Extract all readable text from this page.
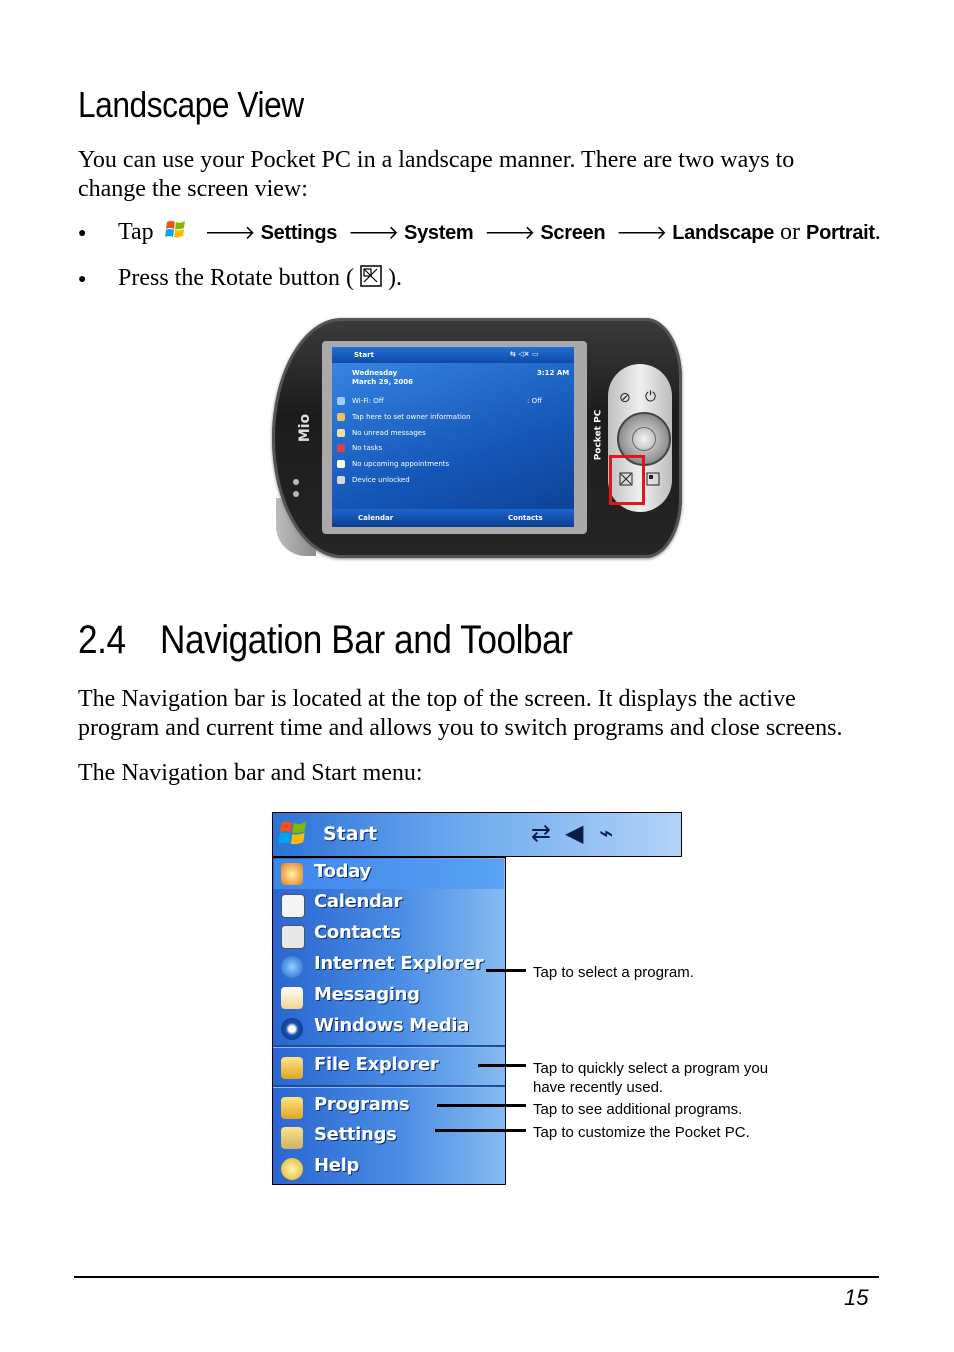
Landscape View
You can use your Pocket PC in a landscape manner. There are two ways to
change the screen view:
● Tap	🡒 Settings 🡒 System 🡒 Screen 🡒 Landscape or Portrait.
● Press the Rotate button ( ).
Mio
Start	⇆ ◁× ▭
Wednesday
March 29, 2006
3:12 AM
Wi-Fi: Off	: Off
Tap here to set owner information
No unread messages
No tasks
No upcoming appointments
Device unlocked
Calendar	Contacts
Pocket PC
⊘ ⏻
2.4 Navigation Bar and Toolbar
The Navigation bar is located at the top of the screen. It displays the active
program and current time and allows you to switch programs and close screens.
The Navigation bar and Start menu:
Start	⇄ ◀︎ ⌁
Today
Calendar
Contacts
Internet Explorer
Messaging
Windows Media
File Explorer
Programs
Settings
Help
Tap to select a program.
Tap to quickly select a program you
have recently used.
Tap to see additional programs.
Tap to customize the Pocket PC.
15
